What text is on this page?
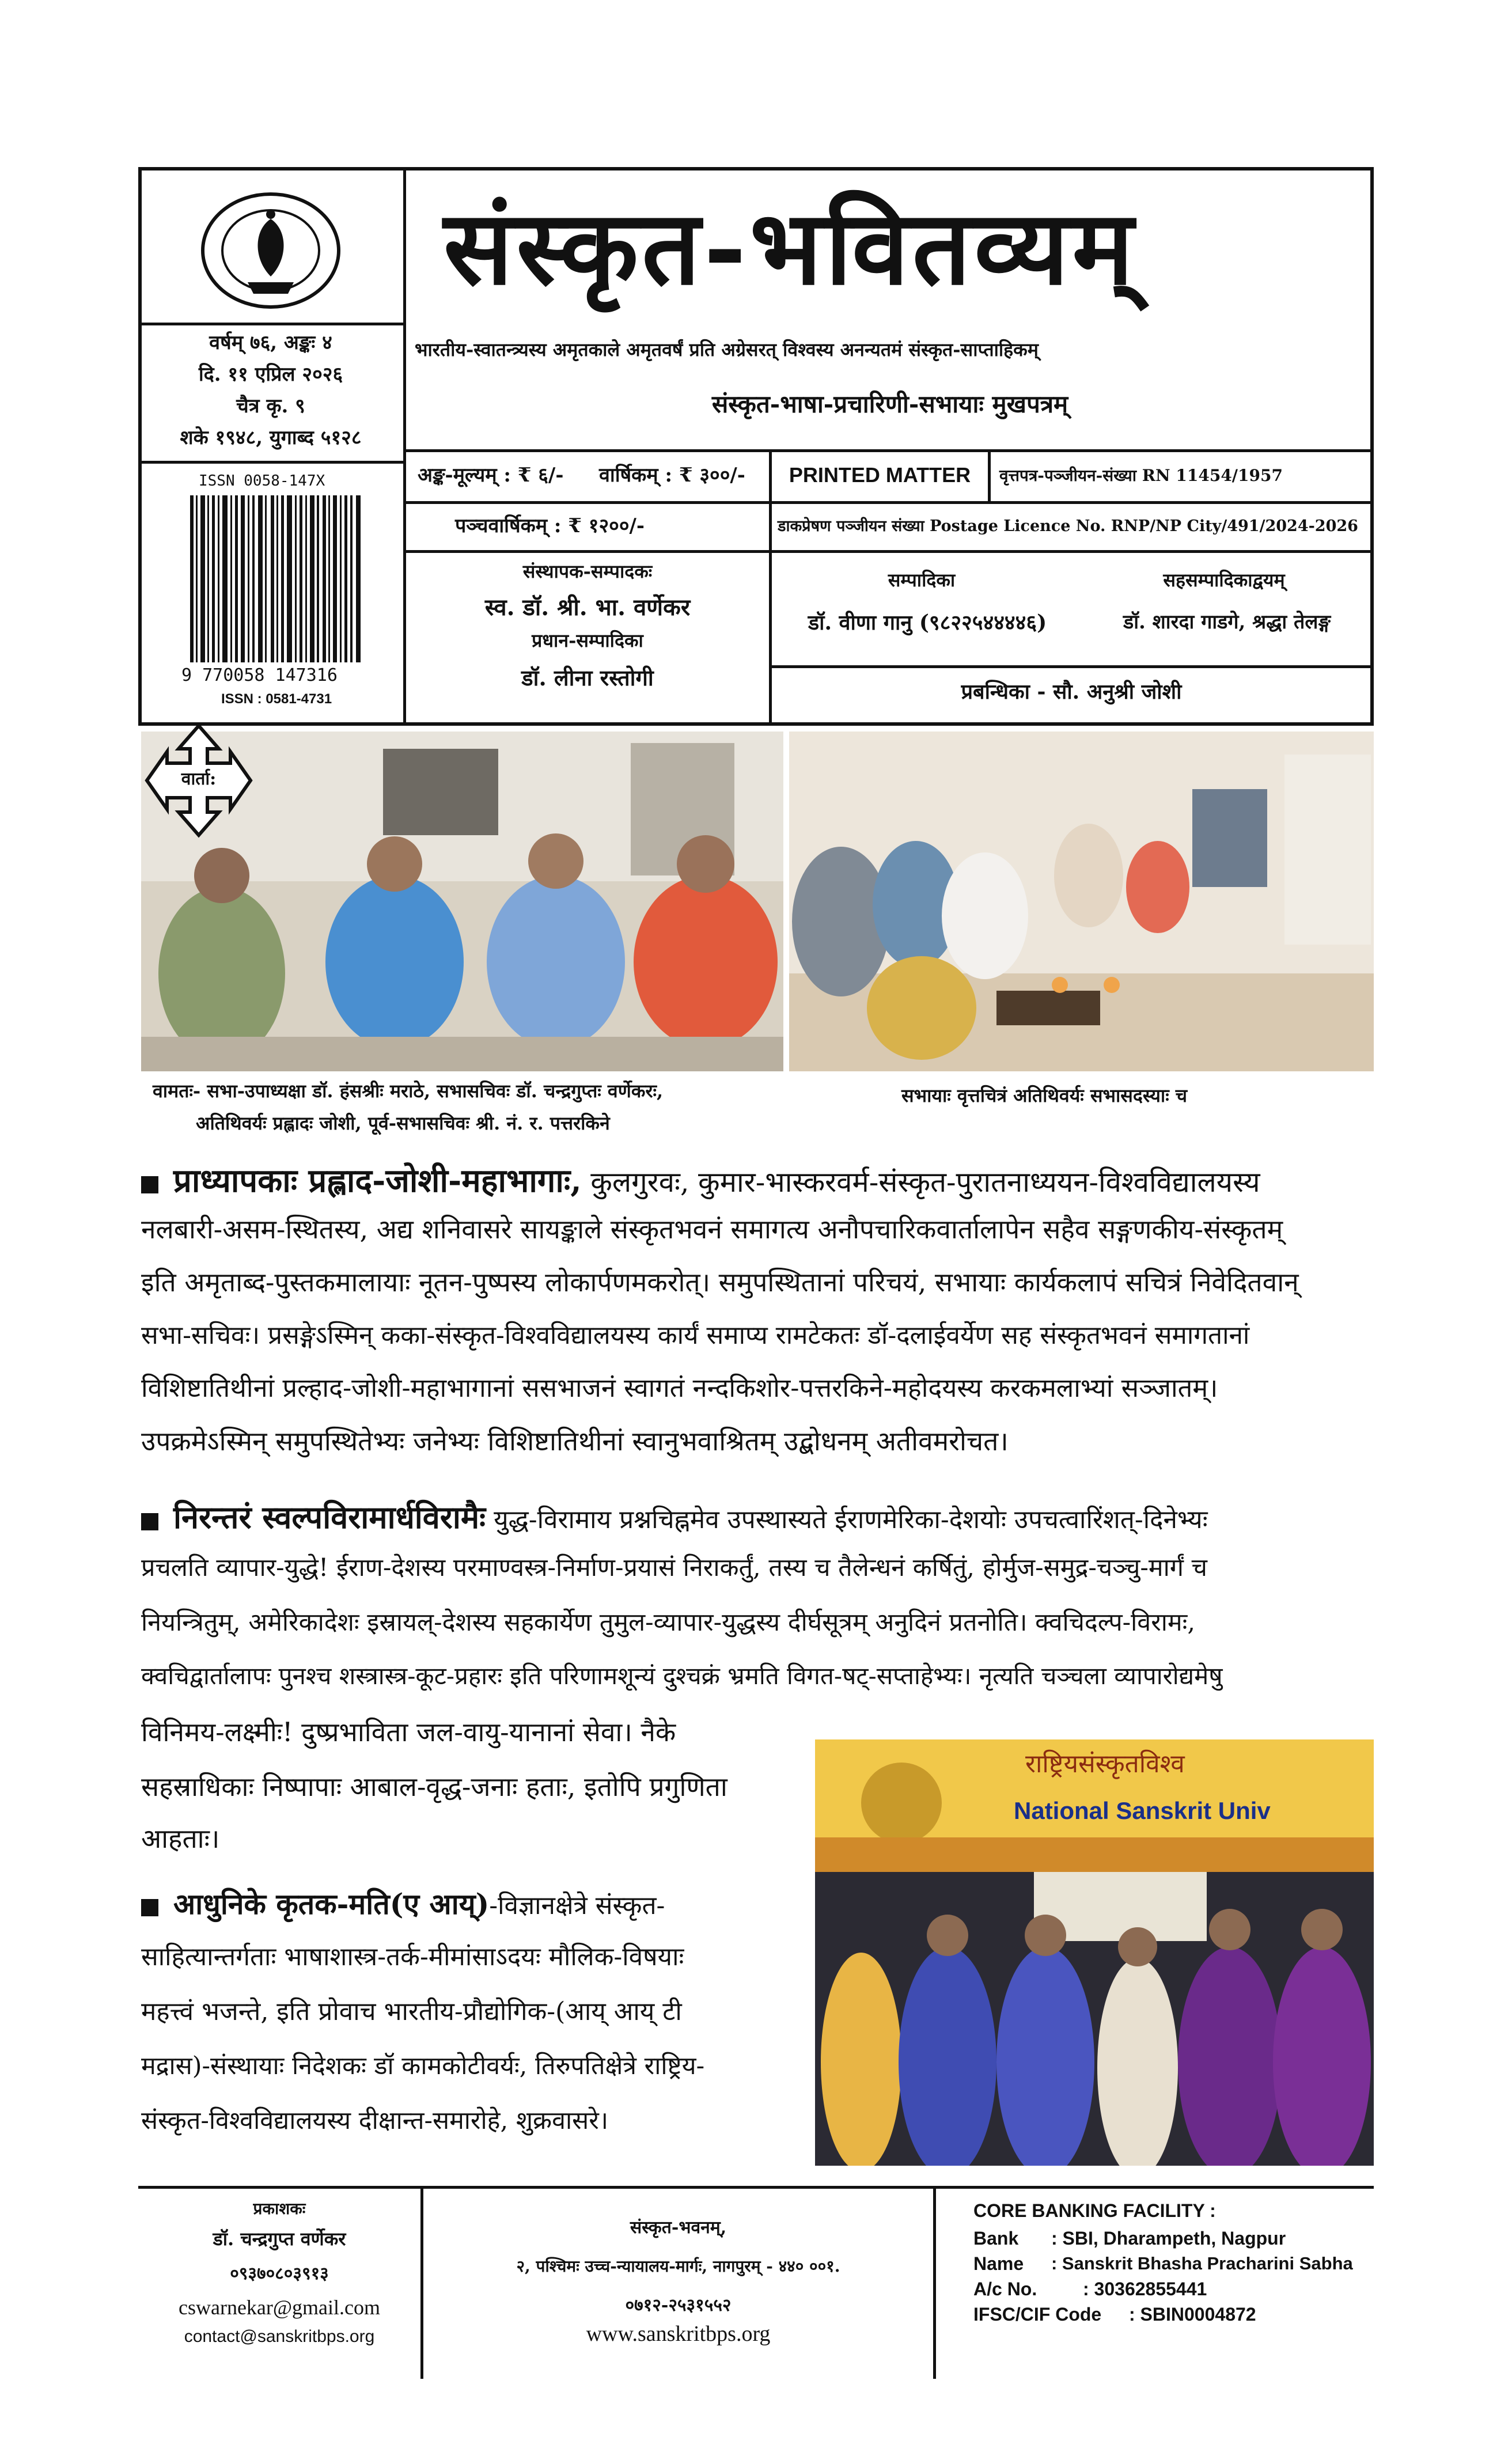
वर्षम् ७६, अङ्कः ४
दि. ११ एप्रिल २०२६
चैत्र कृ. ९
शके १९४८, युगाब्द ५१२८
ISSN 0058-147X
9 770058 147316
ISSN : 0581-4731
संस्कृत-भवितव्यम्
भारतीय-स्वातन्त्र्यस्य अमृतकाले अमृतवर्षं प्रति अग्रेसरत् विश्वस्य अनन्यतमं संस्कृत-साप्ताहिकम्
संस्कृत-भाषा-प्रचारिणी-सभायाः मुखपत्रम्
अङ्क-मूल्यम् : ₹ ६/-	वार्षिकम् : ₹ ३००/-
पञ्चवार्षिकम् : ₹ १२००/-
PRINTED MATTER	वृत्तपत्र-पञ्जीयन-संख्या RN 11454/1957
डाकप्रेषण पञ्जीयन संख्या Postage Licence No. RNP/NP City/491/2024-2026
संस्थापक-सम्पादकः
स्व. डॉ. श्री. भा. वर्णेकर
प्रधान-सम्पादिका
डॉ. लीना रस्तोगी
सम्पादिका
डॉ. वीणा गानु (९८२२५४४४४६)
सहसम्पादिकाद्वयम्
डॉ. शारदा गाडगे, श्रद्धा तेलङ्ग
प्रबन्धिका - सौ. अनुश्री जोशी
वार्ता:
वामतः- सभा-उपाध्यक्षा डॉ. हंसश्रीः मराठे, सभासचिवः डॉ. चन्द्रगुप्तः वर्णेकरः,
अतिथिवर्यः प्रह्लादः जोशी, पूर्व-सभासचिवः श्री. नं. र. पत्तरकिने
सभायाः वृत्तचित्रं अतिथिवर्यः सभासदस्याः च
प्राध्यापकाः प्रह्लाद-जोशी-महाभागाः, कुलगुरवः, कुमार-भास्करवर्म-संस्कृत-पुरातनाध्ययन-विश्वविद्यालयस्य
नलबारी-असम-स्थितस्य, अद्य शनिवासरे सायङ्काले संस्कृतभवनं समागत्य अनौपचारिकवार्तालापेन सहैव सङ्गणकीय-संस्कृतम्
इति अमृताब्द-पुस्तकमालायाः नूतन-पुष्पस्य लोकार्पणमकरोत्। समुपस्थितानां परिचयं, सभायाः कार्यकलापं सचित्रं निवेदितवान्
सभा-सचिवः। प्रसङ्गेऽस्मिन् कका-संस्कृत-विश्वविद्यालयस्य कार्यं समाप्य रामटेकतः डॉ-दलाईवर्येण सह संस्कृतभवनं समागतानां
विशिष्टातिथीनां प्रल्हाद-जोशी-महाभागानां ससभाजनं स्वागतं नन्दकिशोर-पत्तरकिने-महोदयस्य करकमलाभ्यां सञ्जातम्।
उपक्रमेऽस्मिन् समुपस्थितेभ्यः जनेभ्यः विशिष्टातिथीनां स्वानुभवाश्रितम् उद्बोधनम् अतीवमरोचत।
निरन्तरं स्वल्पविरामार्धविरामैः युद्ध-विरामाय प्रश्नचिह्नमेव उपस्थास्यते ईराणमेरिका-देशयोः उपचत्वारिंशत्-दिनेभ्यः
प्रचलति व्यापार-युद्धे! ईराण-देशस्य परमाण्वस्त्र-निर्माण-प्रयासं निराकर्तुं, तस्य च तैलेन्धनं कर्षितुं, होर्मुज-समुद्र-चञ्चु-मार्गं च
नियन्त्रितुम्, अमेरिकादेशः इस्रायल्-देशस्य सहकार्येण तुमुल-व्यापार-युद्धस्य दीर्घसूत्रम् अनुदिनं प्रतनोति। क्वचिदल्प-विरामः,
क्वचिद्वार्तालापः पुनश्च शस्त्रास्त्र-कूट-प्रहारः इति परिणामशून्यं दुश्चक्रं भ्रमति विगत-षट्-सप्ताहेभ्यः। नृत्यति चञ्चला व्यापारोद्यमेषु
विनिमय-लक्ष्मीः! दुष्प्रभाविता जल-वायु-यानानां सेवा। नैके
सहस्राधिकाः निष्पापाः आबाल-वृद्ध-जनाः हताः, इतोपि प्रगुणिता
आहताः।
राष्ट्रियसंस्कृतविश्व
National Sanskrit Univ
आधुनिके कृतक-मति(ए आय्)-विज्ञानक्षेत्रे संस्कृत-
साहित्यान्तर्गताः भाषाशास्त्र-तर्क-मीमांसाऽदयः मौलिक-विषयाः
महत्त्वं भजन्ते, इति प्रोवाच भारतीय-प्रौद्योगिक-(आय् आय् टी
मद्रास)-संस्थायाः निदेशकः डॉ कामकोटीवर्यः, तिरुपतिक्षेत्रे राष्ट्रिय-
संस्कृत-विश्वविद्यालयस्य दीक्षान्त-समारोहे, शुक्रवासरे।
प्रकाशकः
डॉ. चन्द्रगुप्त वर्णेकर
०९३७०८०३९१३
cswarnekar@gmail.com
contact@sanskritbps.org
संस्कृत-भवनम्,
२, पश्चिमः उच्च-न्यायालय-मार्गः, नागपुरम् - ४४० ००१.
०७१२-२५३१५५२
www.sanskritbps.org
CORE BANKING FACILITY :
Bank	: SBI, Dharampeth, Nagpur
Name	: Sanskrit Bhasha Pracharini Sabha
A/c No.	: 30362855441
IFSC/CIF Code	: SBIN0004872
